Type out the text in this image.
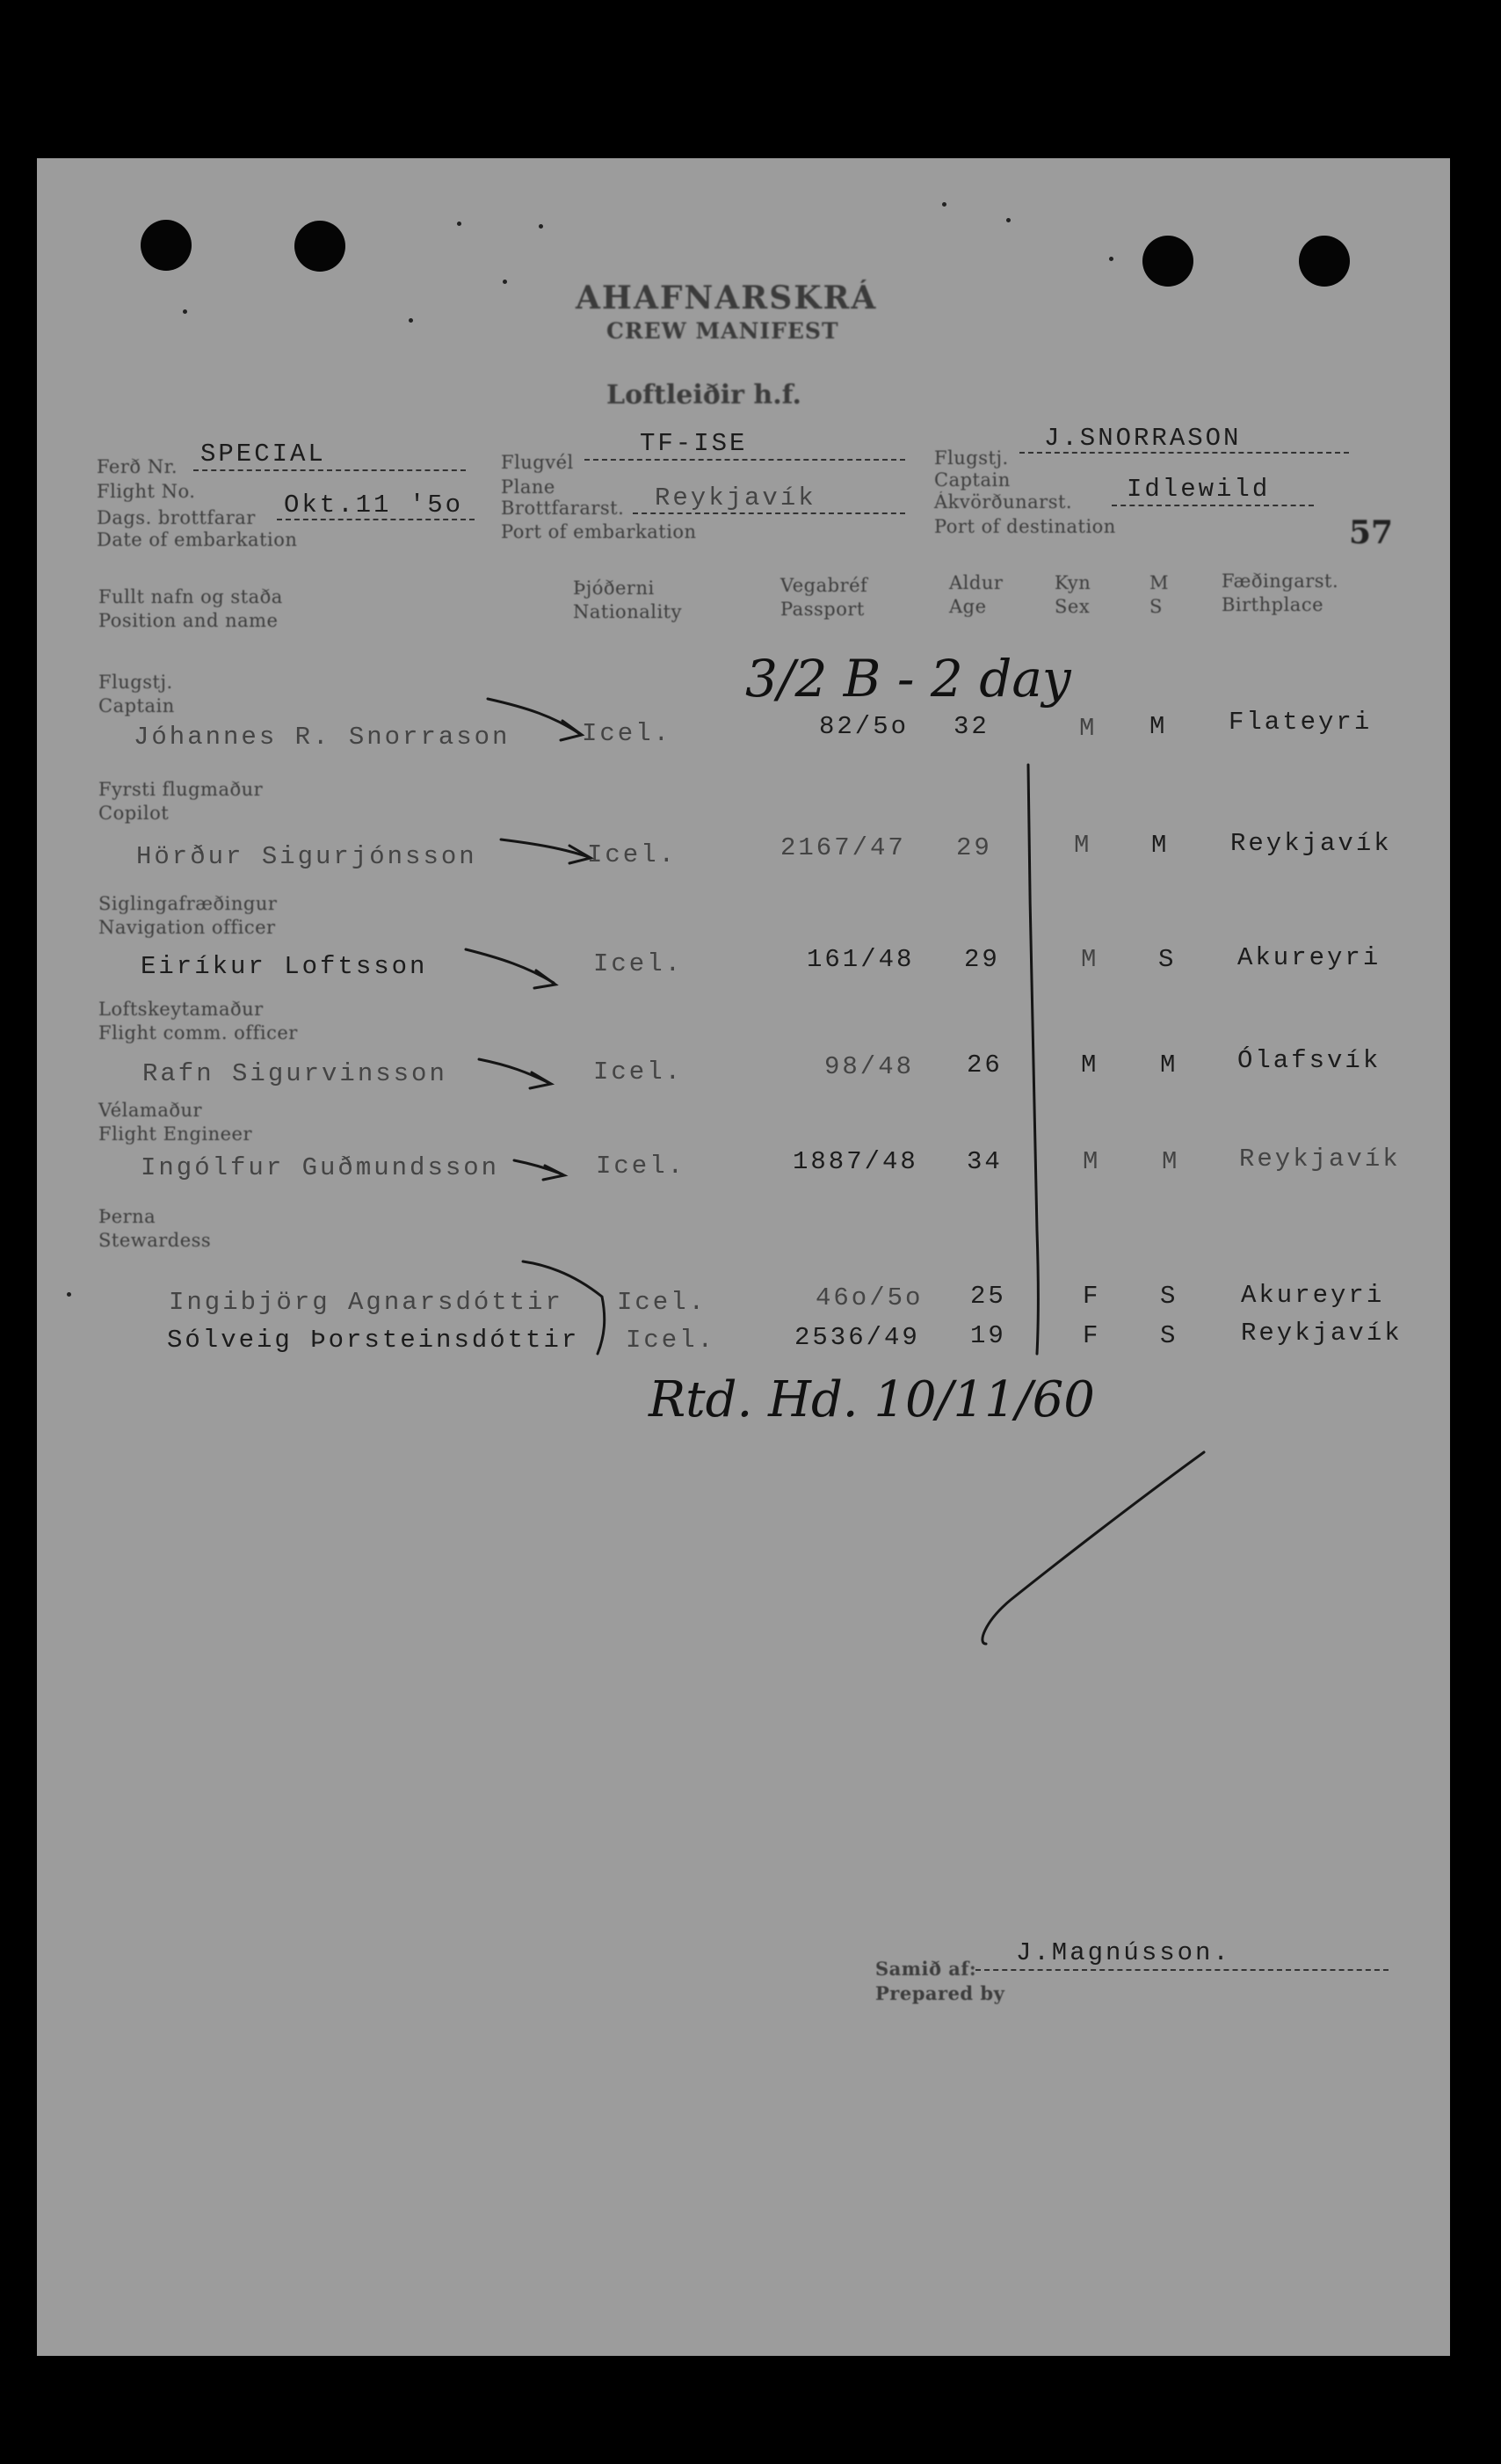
AHAFNARSKRÁ
CREW MANIFEST
Loftleiðir h.f.
Ferð Nr. SPECIAL
Flight No.
Dags. brottfarar Okt.11 '5o
Date of embarkation
Flugvél
TF-ISE
Plane
Brottfararst. Reykjavík
Port of embarkation
Flugstj.
J.SNORRASON
Captain
Ákvörðunarst. Idlewild
Port of destination	57
Fullt nafn og staða
Position and name
Þjóðerni
Nationality
Vegabréf
Passport
Aldur
Age
Kyn
Sex
M
S
Fæðingarst.
Birthplace
Flugstj.
Captain
Jóhannes R. Snorrason	Icel.	82/5o 32	M M Flateyri
Fyrsti flugmaður
Copilot
Hörður Sigurjónsson	Icel.	2167/47 29	M M Reykjavík
Siglingafræðingur
Navigation officer
Eiríkur Loftsson	Icel.	161/48 29	M S Akureyri
Loftskeytamaður
Flight comm. officer
Rafn Sigurvinsson	Icel.	98/48 26	M M Ólafsvík
Vélamaður
Flight Engineer
Ingólfur Guðmundsson	Icel.	1887/48 34	M M Reykjavík
Þerna
Stewardess
Ingibjörg Agnarsdóttir Icel.	46o/5o 25	F S Akureyri
Sólveig Þorsteinsdóttir Icel.	2536/49 19	F S Reykjavík
3/2 B - 2 day
Rtd. Hd. 10/11/60
Samið af:
Prepared by
J.Magnússon.
